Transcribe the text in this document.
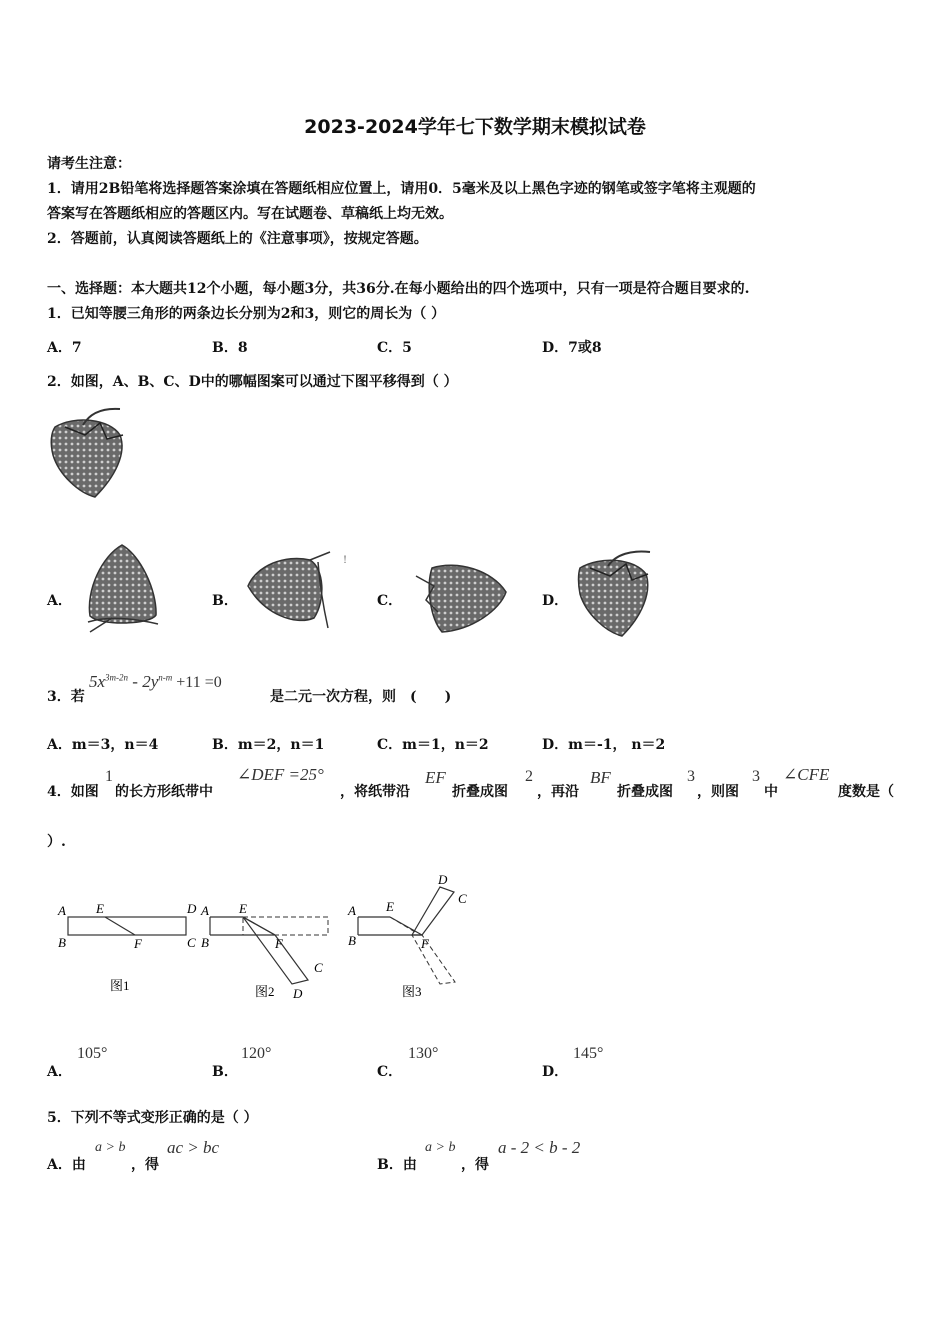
2023-2024学年七下数学期末模拟试卷
请考生注意：
1．请用2B铅笔将选择题答案涂填在答题纸相应位置上，请用0．5毫米及以上黑色字迹的钢笔或签字笔将主观题的
答案写在答题纸相应的答题区内。写在试题卷、草稿纸上均无效。
2．答题前，认真阅读答题纸上的《注意事项》，按规定答题。
一、选择题：本大题共12个小题，每小题3分，共36分.在每小题给出的四个选项中，只有一项是符合题目要求的.
1．已知等腰三角形的两条边长分别为2和3，则它的周长为（ ）
A．7	B．8	C．5	D．7或8
2．如图，A、B、C、D中的哪幅图案可以通过下图平移得到（ ）
A．	B．
!
C．	D．
3．若
$5x^{3m-2n} - 2y^{n-m} +11 =0$
是二元一次方程，则　(　　)
A．m＝3，n＝4	B．m＝2，n＝1	C．m＝1，n＝2	D．m＝-1， n＝2
4．如图
1
的长方形纸带中
∠DEF =25°
，将纸带沿
EF
折叠成图
2
，再沿
BF
折叠成图
3
，则图
3
中
∠CFE
度数是（
）.
A E	D
B	F	C
图1
A E
B	F
C
D
图2
A E
B	F
D
C
图3
A．
105°
B．
120°
C．
130°
D．
145°
5．下列不等式变形正确的是（ ）
A．由
a > b
，得
ac > bc
B．由
a > b
，得
a - 2 < b - 2
